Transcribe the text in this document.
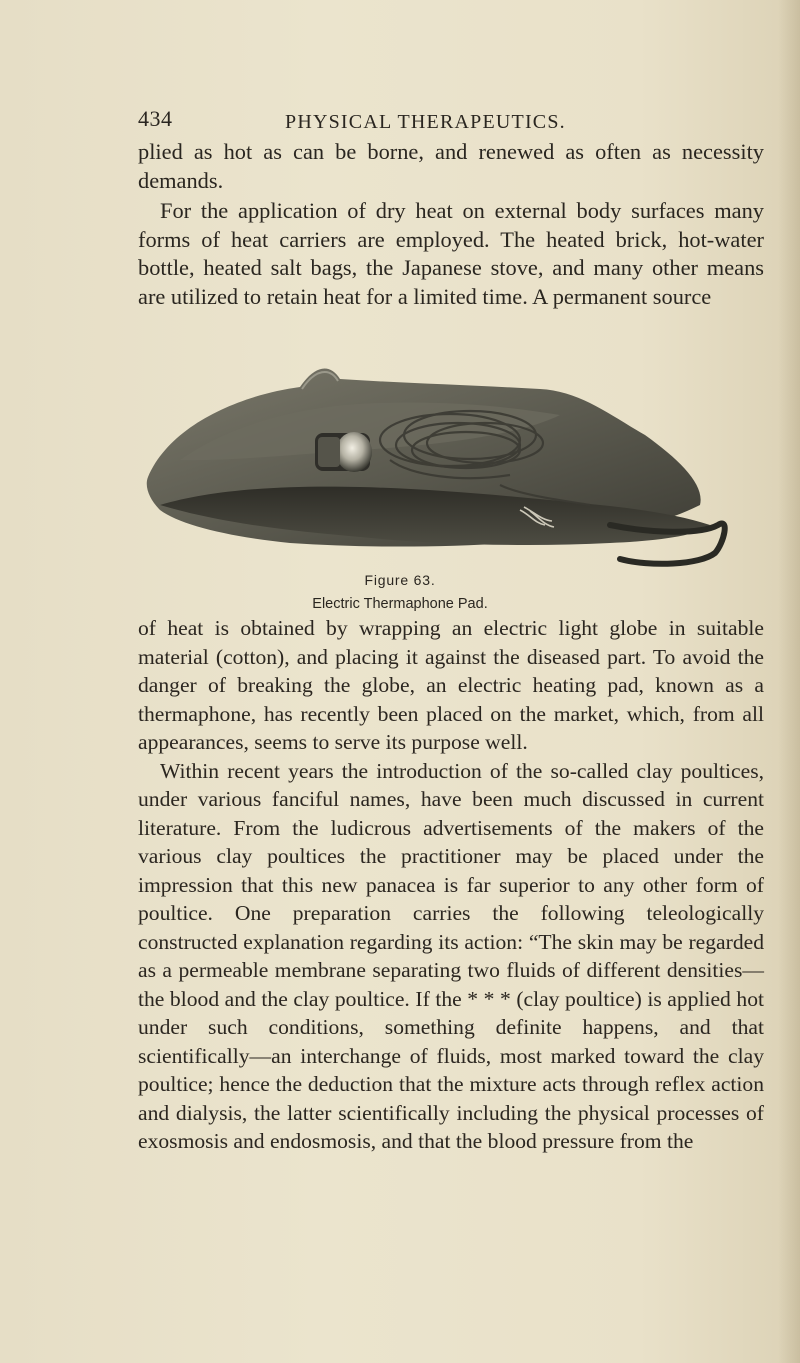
434	PHYSICAL THERAPEUTICS.

plied as hot as can be borne, and renewed as often as necessity demands.

For the application of dry heat on external body surfaces many forms of heat carriers are employed. The heated brick, hot-water bottle, heated salt bags, the Japanese stove, and many other means are utilized to retain heat for a limited time. A permanent source

Figure 63.
Electric Thermaphone Pad.
of heat is obtained by wrapping an electric light globe in suitable material (cotton), and placing it against the diseased part. To avoid the danger of breaking the globe, an electric heating pad, known as a thermaphone, has recently been placed on the market, which, from all appearances, seems to serve its purpose well.
Within recent years the introduction of the so-called clay poultices, under various fanciful names, have been much discussed in current literature. From the ludicrous advertisements of the makers of the various clay poultices the practitioner may be placed under the impression that this new panacea is far superior to any other form of poultice. One preparation carries the following teleologically constructed explanation regarding its action: “The skin may be regarded as a permeable membrane separating two fluids of different densities—the blood and the clay poultice. If the * * * (clay poultice) is applied hot under such conditions, something definite happens, and that scientifically—an interchange of fluids, most marked toward the clay poultice; hence the deduction that the mixture acts through reflex action and dialysis, the latter scientifically including the physical processes of exosmosis and endosmosis, and that the blood pressure from the
